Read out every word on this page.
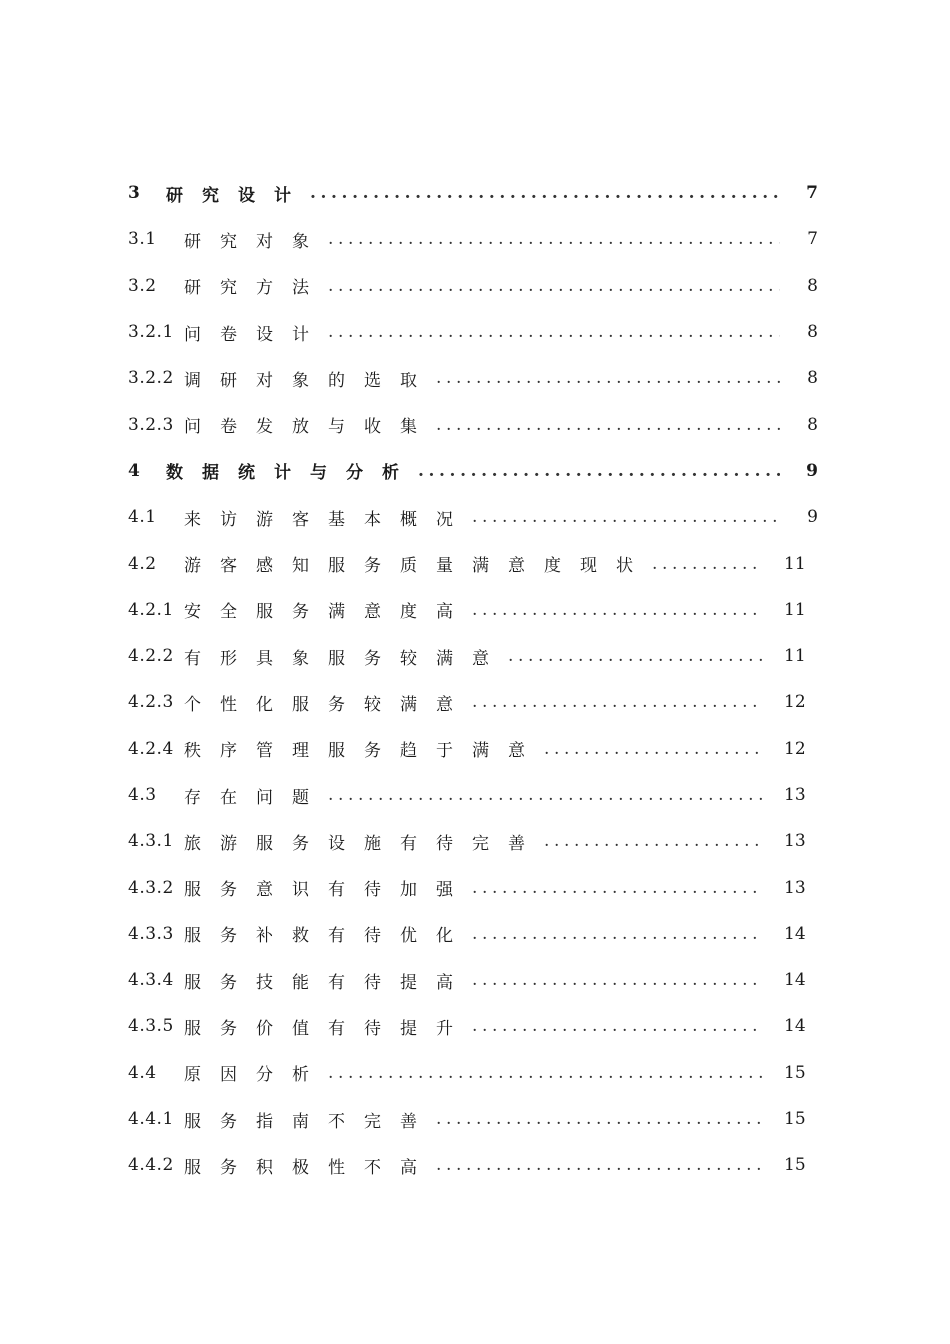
3	研究设计 .....	7
3.1	研究对象 .....	7
3.2	研究方法 .....	8
3.2.1 问卷设计 .....	8
3.2.2 调研对象的选取 .....	8
3.2.3 问卷发放与收集 .....	8
4	数据统计与分析 .....	9
4.1	来访游客基本概况 .....	9
4.2	游客感知服务质量满意度现状 .....	11
4.2.1 安全服务满意度高 .....	11
4.2.2 有形具象服务较满意 .....	11
4.2.3 个性化服务较满意 .....	12
4.2.4 秩序管理服务趋于满意 .....	12
4.3	存在问题 .....	13
4.3.1 旅游服务设施有待完善 .....	13
4.3.2 服务意识有待加强 .....	13
4.3.3 服务补救有待优化 .....	14
4.3.4 服务技能有待提高 .....	14
4.3.5 服务价值有待提升 .....	14
4.4	原因分析 .....	15
4.4.1 服务指南不完善 .....	15
4.4.2 服务积极性不高 .....	15
